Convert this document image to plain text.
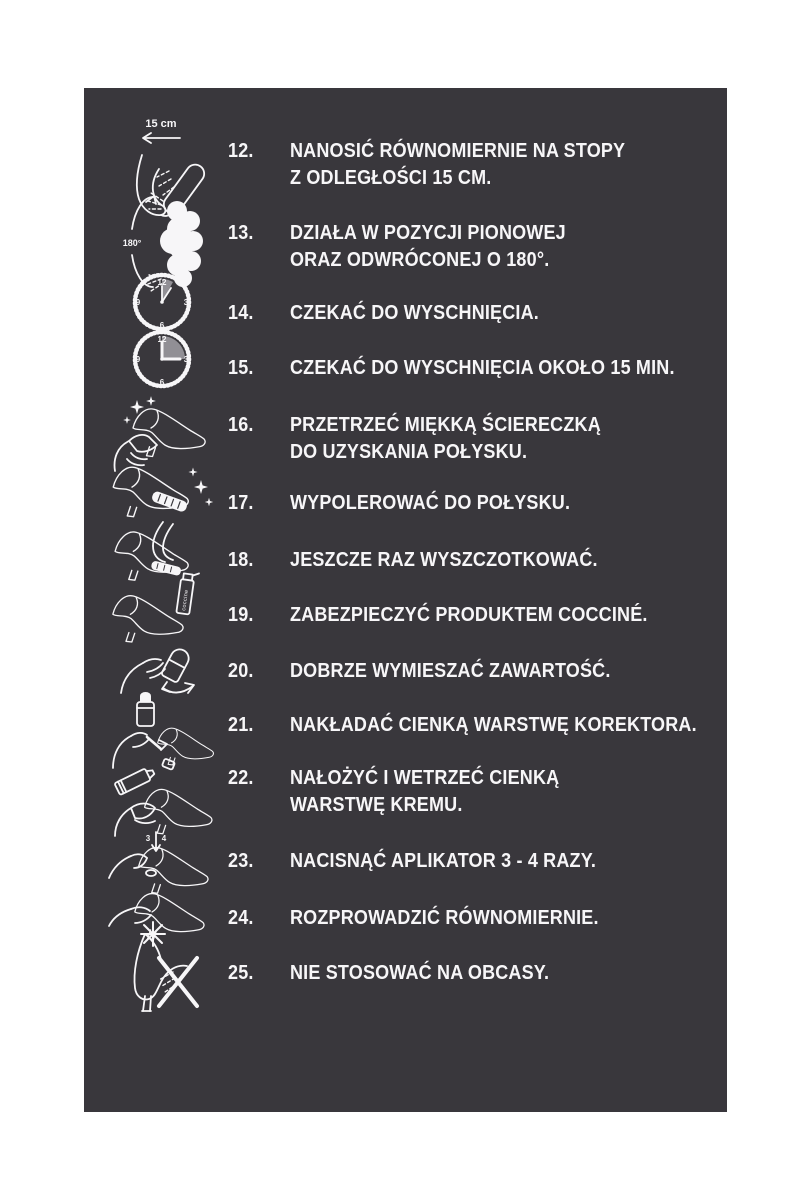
15 cm
12.	NANOSIĆ RÓWNOMIERNIE NA STOPY
Z ODLEGŁOŚCI 15 CM.
180°	13.	DZIAŁA W POZYCJI PIONOWEJ
ORAZ ODWRÓCONEJ O 180°.
12
3
6
9	14.	CZEKAĆ DO WYSCHNIĘCIA.
12
3
6
9	15.	CZEKAĆ DO WYSCHNIĘCIA OKOŁO 15 MIN.
16.	PRZETRZEĆ MIĘKKĄ ŚCIERECZKĄ
DO UZYSKANIA POŁYSKU.
17.	WYPOLEROWAĆ DO POŁYSKU.
18.	JESZCZE RAZ WYSZCZOTKOWAĆ.
coccine
19.	ZABEZPIECZYĆ PRODUKTEM COCCINÉ.
20.	DOBRZE WYMIESZAĆ ZAWARTOŚĆ.
21.	NAKŁADAĆ CIENKĄ WARSTWĘ KOREKTORA.
22.	NAŁOŻYĆ I WETRZEĆ CIENKĄ
WARSTWĘ KREMU.
3 4
23.	NACISNĄĆ APLIKATOR 3 - 4 RAZY.
24.	ROZPROWADZIĆ RÓWNOMIERNIE.
25.	NIE STOSOWAĆ NA OBCASY.
